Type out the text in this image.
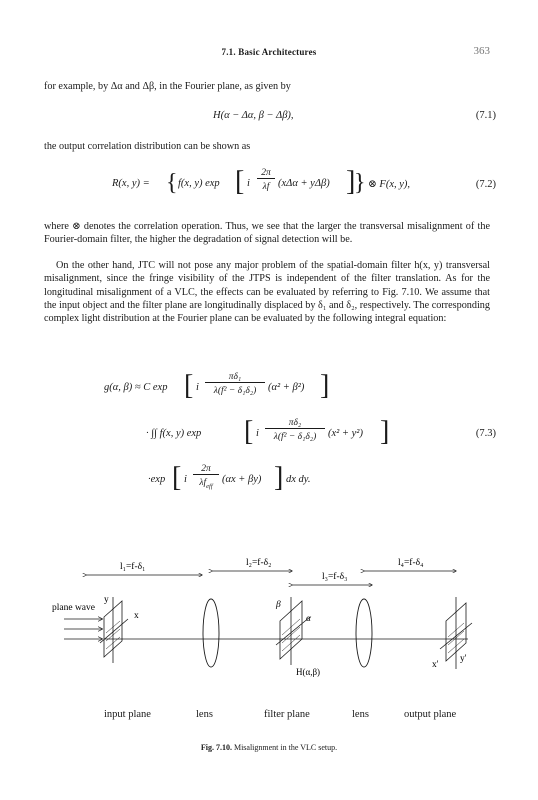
7.1. Basic Architectures	363

for example, by Δα and Δβ, in the Fourier plane, as given by

H(α − Δα, β − Δβ),	(7.1)

the output correlation distribution can be shown as

R(x, y) = { f(x, y) exp [ i
2π
λf (xΔα + yΔβ) ]
} ⊗ F(x, y),	(7.2)

where ⊗ denotes the correlation operation. Thus, we see that the larger the transversal misalignment of the Fourier-domain filter, the higher the degradation of signal detection will be.

On the other hand, JTC will not pose any major problem of the spatial-domain filter h(x, y) transversal misalignment, since the fringe visibility of the JTPS is independent of the filter translation. As for the longitudinal misalignment of a VLC, the effects can be evaluated by referring to Fig. 7.10. We assume that the input object and the filter plane are longitudinally displaced by δ₁ and δ₂, respectively. The corresponding complex light distribution at the Fourier plane can be evaluated by the following integral equation:

g(α, β) ≈ C exp [ i
πδ₁
λ(f² − δ₁δ₂)	(α² + β²) ]
· ∫∫ f(x, y) exp [ i
πδ₂
λ(f² − δ₁δ₂)	(x² + y²) ]
·exp [ i
2π
$\lambda f_{eff}$
(αx + βy) ] dx dy.
(7.3)
l₁=f-δ₁	l₂=f-δ₂
l₃=f-δ₃
l₄=f-δ₄
plane wave
y
x
β
α
H(α,β)
x'
y'
input plane	lens	filter plane	lens	output plane
Fig. 7.10. Misalignment in the VLC setup.
